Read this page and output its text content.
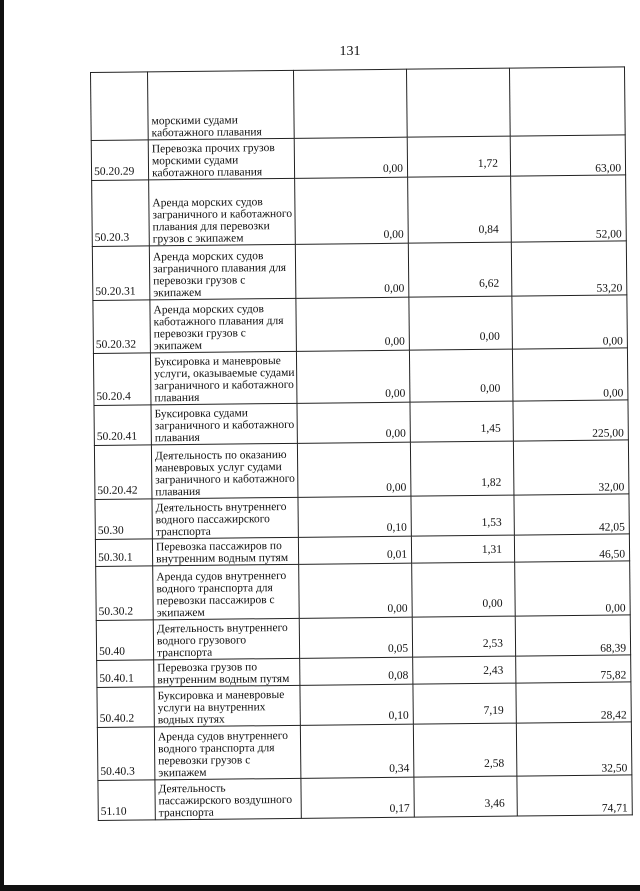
131

	морскими судами каботажного плавания			

50.20.29	Перевозка прочих грузов морскими судами каботажного плавания	0,00	1,72	63,00
50.20.3	Аренда морских судов заграничного и каботажного плавания для перевозки грузов с экипажем	0,00	0,84	52,00
50.20.31	Аренда морских судов заграничного плавания для перевозки грузов с экипажем	0,00	6,62	53,20
50.20.32	Аренда морских судов каботажного плавания для перевозки грузов с экипажем	0,00	0,00	0,00
50.20.4	Буксировка и маневровые услуги, оказываемые судами заграничного и каботажного плавания	0,00	0,00	0,00
50.20.41	Буксировка судами заграничного и каботажного плавания	0,00	1,45	225,00
50.20.42	Деятельность по оказанию маневровых услуг судами заграничного и каботажного плавания	0,00	1,82	32,00
50.30	Деятельность внутреннего водного пассажирского транспорта	0,10	1,53	42,05
50.30.1	Перевозка пассажиров по внутренним водным путям	0,01	1,31	46,50
50.30.2	Аренда судов внутреннего водного транспорта для перевозки пассажиров с экипажем	0,00	0,00	0,00
50.40	Деятельность внутреннего водного грузового транспорта	0,05	2,53	68,39
50.40.1	Перевозка грузов по внутренним водным путям	0,08	2,43	75,82
50.40.2	Буксировка и маневровые услуги на внутренних водных путях	0,10	7,19	28,42
50.40.3	Аренда судов внутреннего водного транспорта для перевозки грузов с экипажем	0,34	2,58	32,50
51.10	Деятельность пассажирского воздушного транспорта	0,17	3,46	74,71
